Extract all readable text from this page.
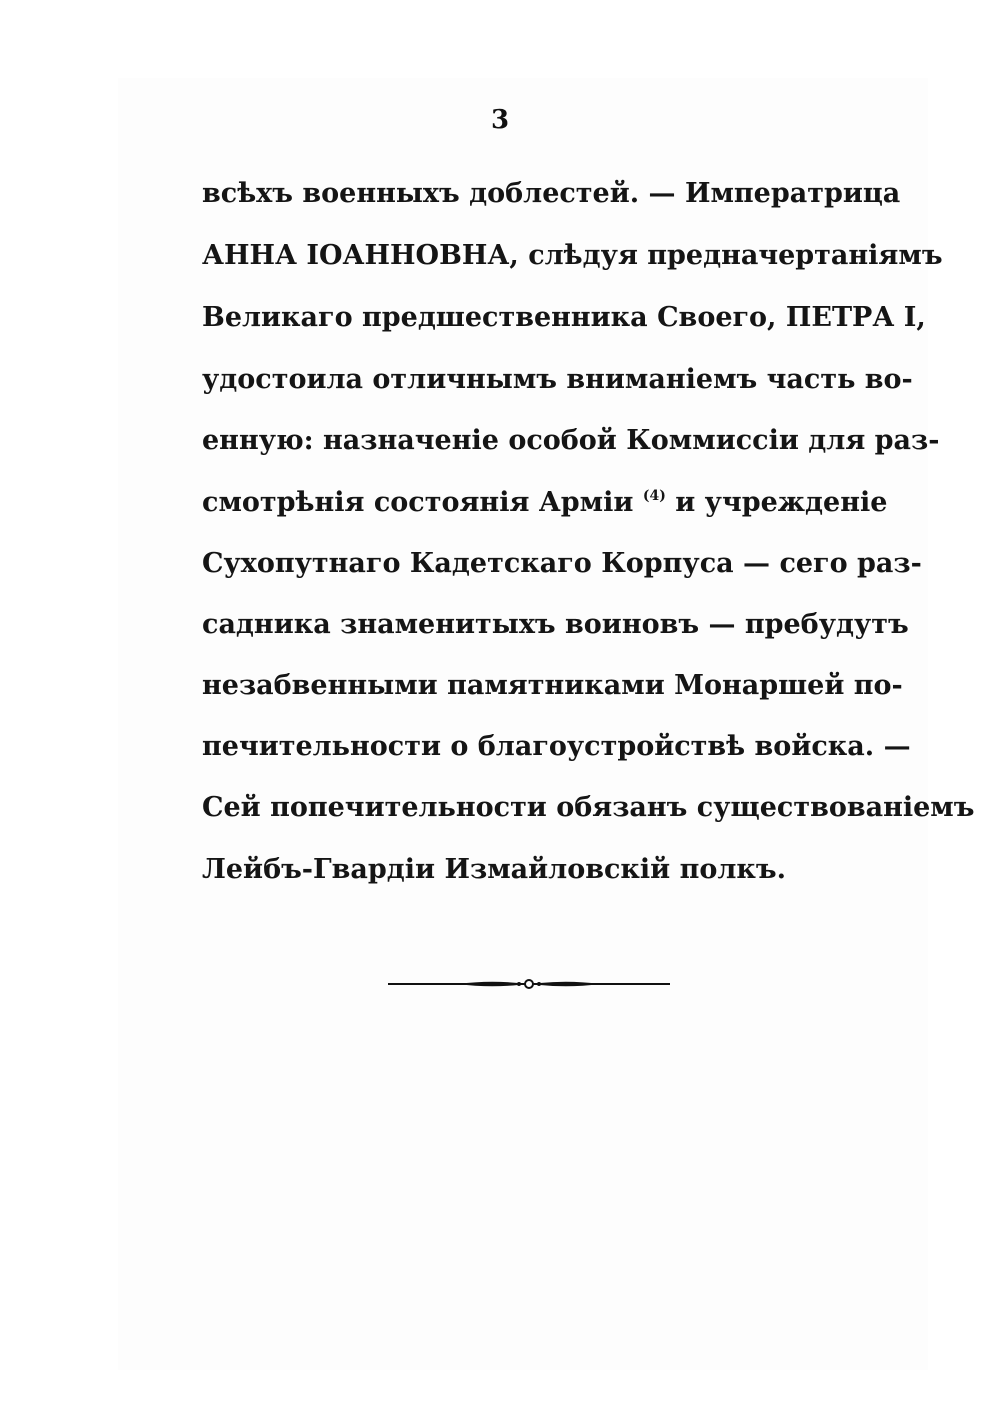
3
всѣхъ военныхъ доблестей. — Императрица
АННА ІОАННОВНА, слѣдуя предначертаніямъ
Великаго предшественника Своего, ПЕТРА I,
удостоила отличнымъ вниманіемъ часть во-
енную: назначеніе особой Коммиссіи для раз-
смотрѣнія состоянія Арміи $^{(4)}$ и учрежденіе
Сухопутнаго Кадетскаго Корпуса — сего раз-
садника знаменитыхъ воиновъ — пребудутъ
незабвенными памятниками Монаршей по-
печительности о благоустройствѣ войска. —
Сей попечительности обязанъ существованіемъ
Лейбъ-Гвардіи Измайловскій полкъ.
